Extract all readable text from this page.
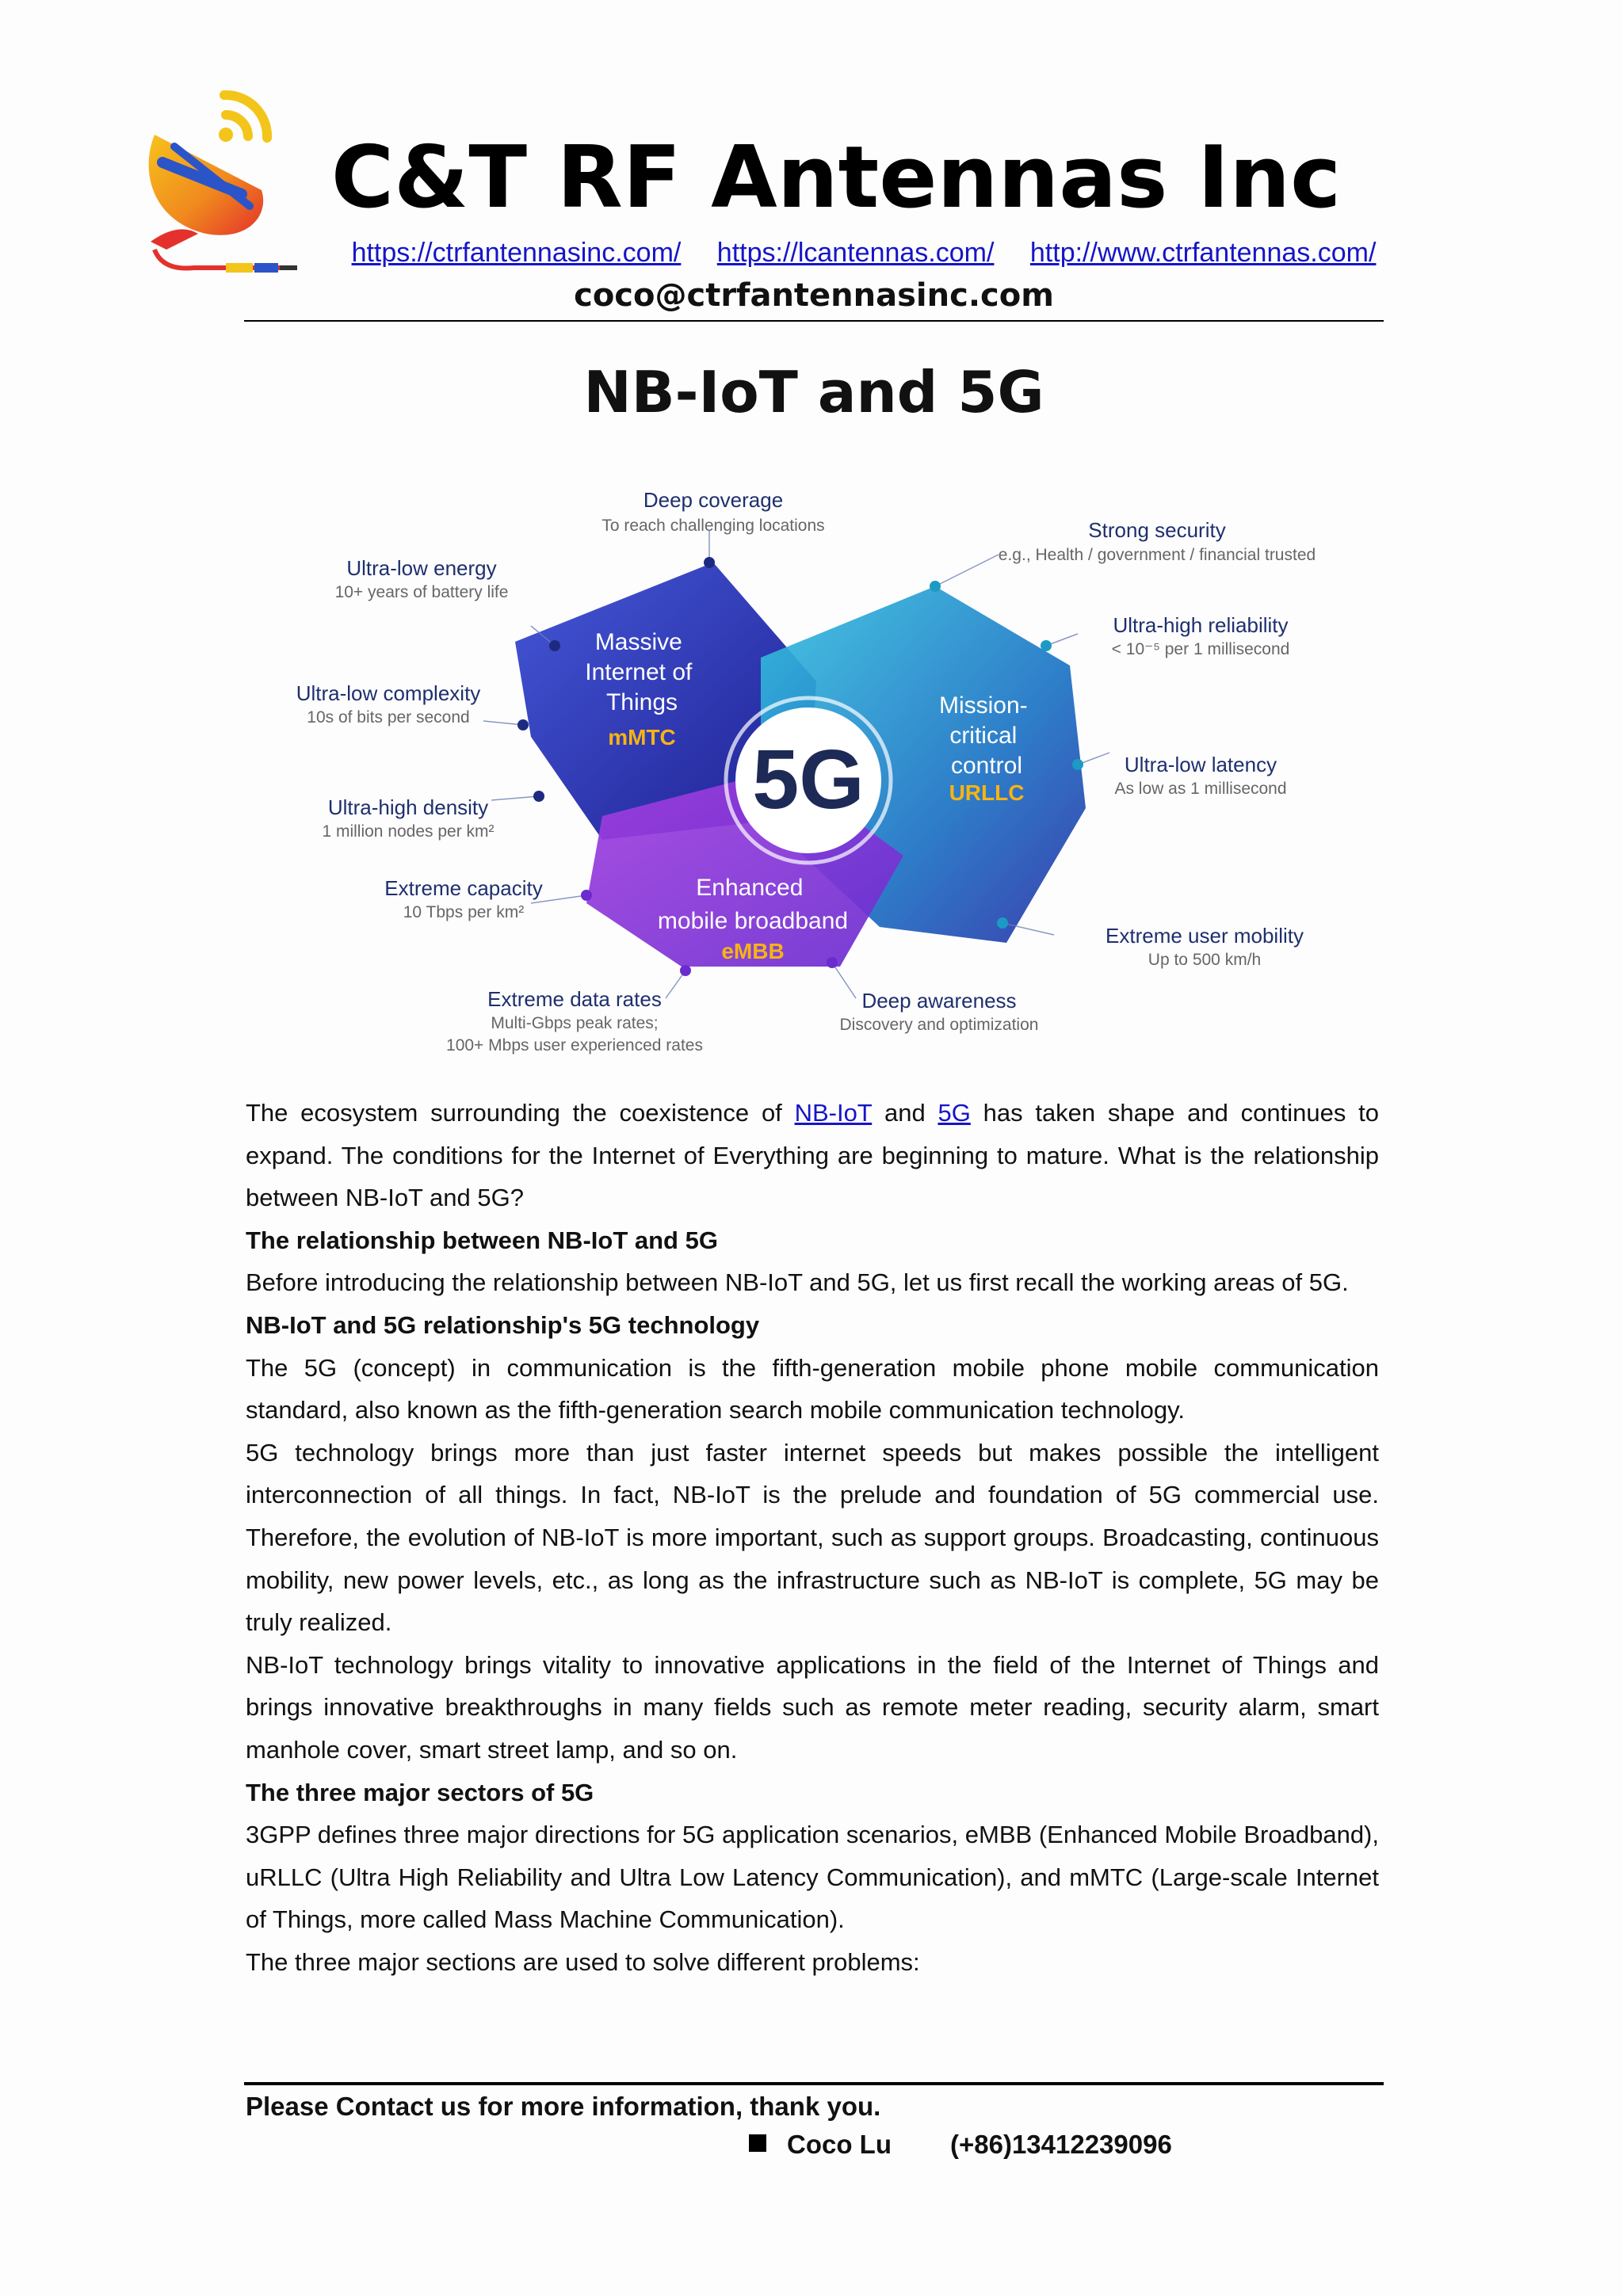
C&T RF Antennas Inc
https://ctrfantennasinc.com/ https://lcantennas.com/ http://www.ctrfantennas.com/
coco@ctrfantennasinc.com
NB-IoT and 5G
5G
Massive Internet of Things
mMTC
Mission- critical control
URLLC
Enhanced mobile broadband
eMBB
Deep coverage
Strong security
Ultra-high reliability
Ultra-low latency
Extreme user mobility
Deep awareness
Extreme data rates
Extreme capacity
Ultra-high density
Ultra-low complexity
Ultra-low energy
To reach challenging locations
e.g., Health / government / financial trusted
< 10⁻⁵ per 1 millisecond
As low as 1 millisecond
Up to 500 km/h
Discovery and optimization
Multi-Gbps peak rates;
100+ Mbps user experienced rates
10 Tbps per km²
1 million nodes per km²
10s of bits per second
10+ years of battery life

The ecosystem surrounding the coexistence of NB-IoT and 5G has taken shape and continues to expand. The conditions for the Internet of Everything are beginning to mature. What is the relationship between NB-IoT and 5G?

The relationship between NB-IoT and 5G

Before introducing the relationship between NB-IoT and 5G, let us first recall the working areas of 5G.

NB-IoT and 5G relationship's 5G technology

The 5G (concept) in communication is the fifth-generation mobile phone mobile communication standard, also known as the fifth-generation search mobile communication technology.

5G technology brings more than just faster internet speeds but makes possible the intelligent interconnection of all things. In fact, NB-IoT is the prelude and foundation of 5G commercial use. Therefore, the evolution of NB-IoT is more important, such as support groups. Broadcasting, continuous mobility, new power levels, etc., as long as the infrastructure such as NB-IoT is complete, 5G may be truly realized.

NB-IoT technology brings vitality to innovative applications in the field of the Internet of Things and brings innovative breakthroughs in many fields such as remote meter reading, security alarm, smart manhole cover, smart street lamp, and so on.

The three major sectors of 5G

3GPP defines three major directions for 5G application scenarios, eMBB (Enhanced Mobile Broadband), uRLLC (Ultra High Reliability and Ultra Low Latency Communication), and mMTC (Large-scale Internet of Things, more called Mass Machine Communication).

The three major sections are used to solve different problems:

Please Contact us for more information, thank you.
Coco Lu (+86)13412239096
